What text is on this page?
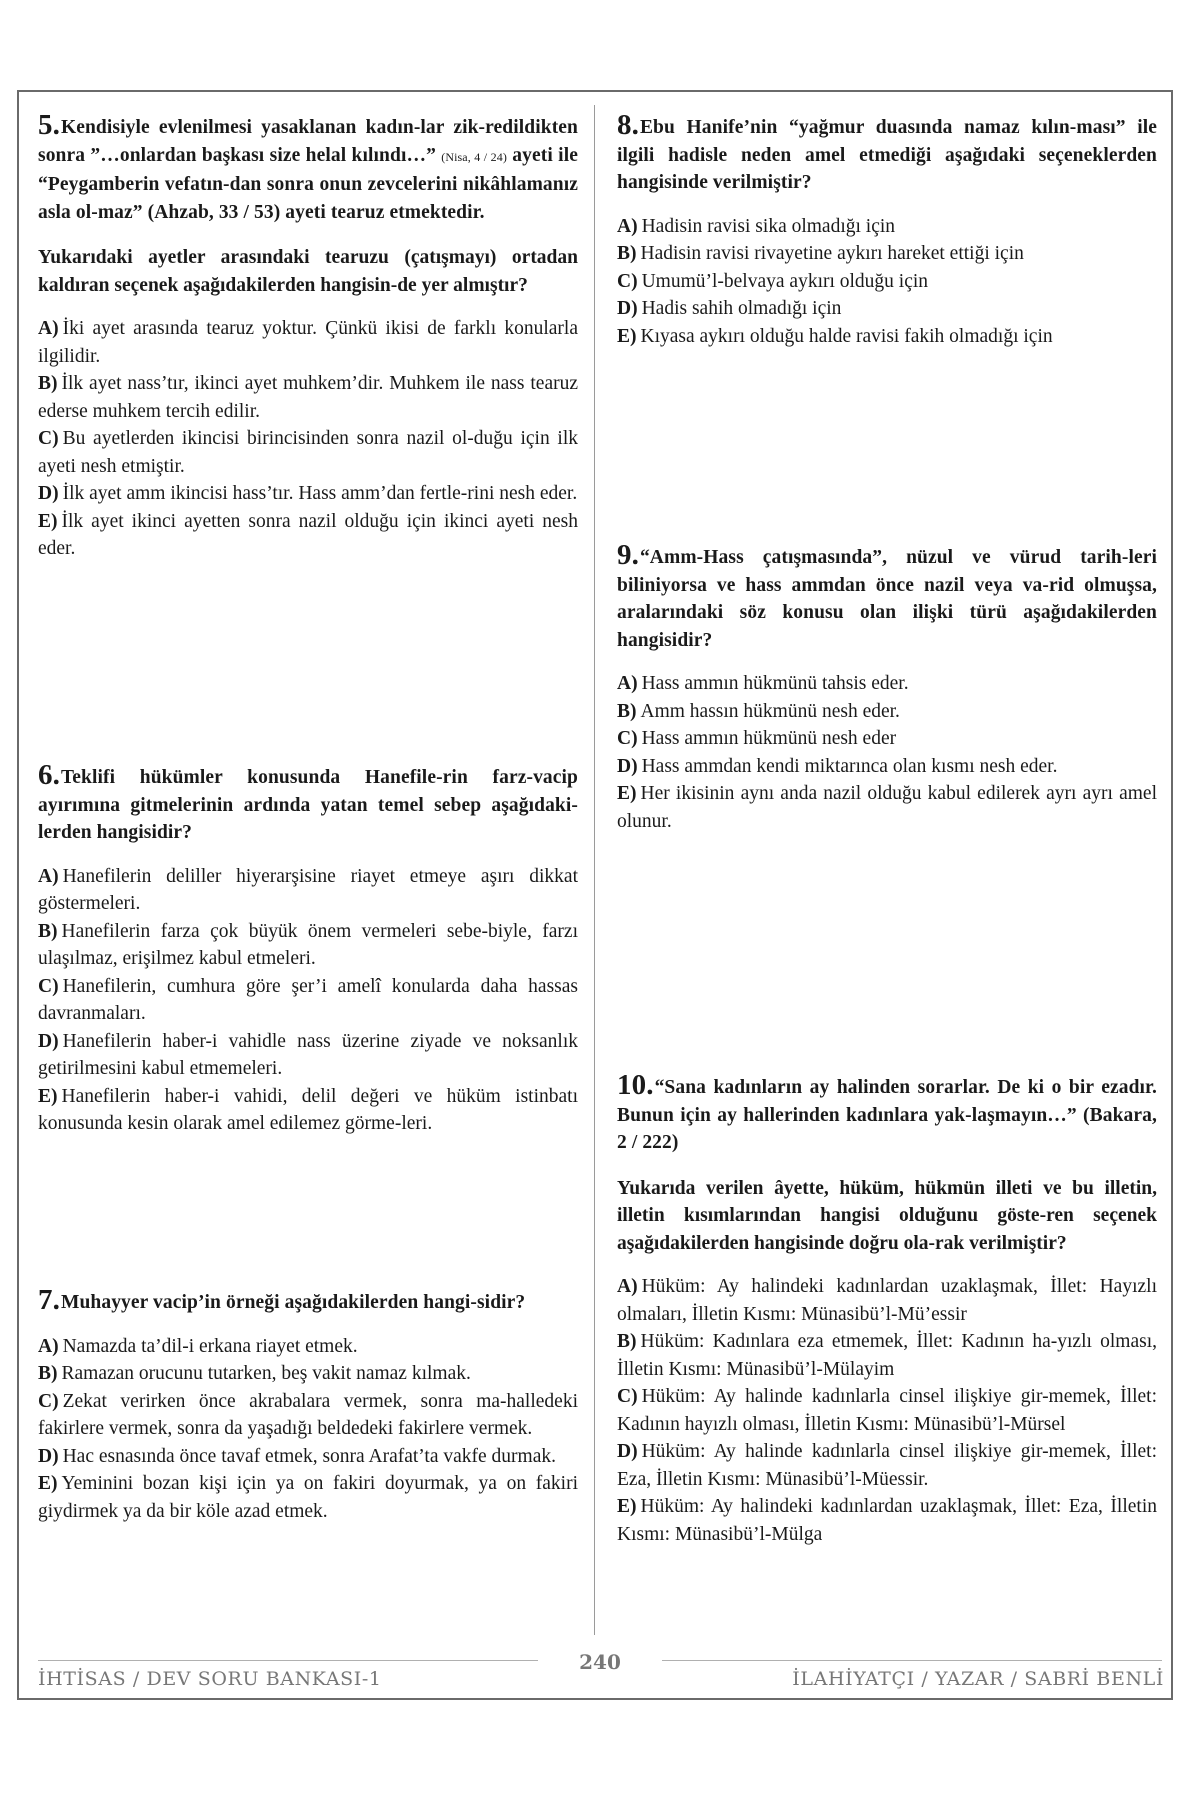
5.Kendisiyle evlenilmesi yasaklanan kadın-lar zik-redildikten sonra ”…onlardan başkası size helal kılındı…” (Nisa, 4 / 24) ayeti ile “Peygamberin vefatın-dan sonra onun zevcelerini nikâhlamanız asla ol-maz” (Ahzab, 33 / 53) ayeti tearuz etmektedir.
Yukarıdaki ayetler arasındaki tearuzu (çatışmayı) ortadan kaldıran seçenek aşağıdakilerden hangisin-de yer almıştır?
A) İki ayet arasında tearuz yoktur. Çünkü ikisi de farklı konularla ilgilidir.
B) İlk ayet nass’tır, ikinci ayet muhkem’dir. Muhkem ile nass tearuz ederse muhkem tercih edilir.
C) Bu ayetlerden ikincisi birincisinden sonra nazil ol-duğu için ilk ayeti nesh etmiştir.
D) İlk ayet amm ikincisi hass’tır. Hass amm’dan fertle-rini nesh eder.
E) İlk ayet ikinci ayetten sonra nazil olduğu için ikinci ayeti nesh eder.
6.Teklifi hükümler konusunda Hanefile-rin farz-vacip ayırımına gitmelerinin ardında yatan temel sebep aşağıdaki-lerden hangisidir?
A) Hanefilerin deliller hiyerarşisine riayet etmeye aşırı dikkat göstermeleri.
B) Hanefilerin farza çok büyük önem vermeleri sebe-biyle, farzı ulaşılmaz, erişilmez kabul etmeleri.
C) Hanefilerin, cumhura göre şer’i amelî konularda daha hassas davranmaları.
D) Hanefilerin haber-i vahidle nass üzerine ziyade ve noksanlık getirilmesini kabul etmemeleri.
E) Hanefilerin haber-i vahidi, delil değeri ve hüküm istinbatı konusunda kesin olarak amel edilemez görme-leri.
7.Muhayyer vacip’in örneği aşağıdakilerden hangi-sidir?
A) Namazda ta’dil-i erkana riayet etmek.
B) Ramazan orucunu tutarken, beş vakit namaz kılmak.
C) Zekat verirken önce akrabalara vermek, sonra ma-halledeki fakirlere vermek, sonra da yaşadığı beldedeki fakirlere vermek.
D) Hac esnasında önce tavaf etmek, sonra Arafat’ta vakfe durmak.
E) Yeminini bozan kişi için ya on fakiri doyurmak, ya on fakiri giydirmek ya da bir köle azad etmek.
8.Ebu Hanife’nin “yağmur duasında namaz kılın-ması” ile ilgili hadisle neden amel etmediği aşağıdaki seçeneklerden hangisinde verilmiştir?
A) Hadisin ravisi sika olmadığı için
B) Hadisin ravisi rivayetine aykırı hareket ettiği için
C) Umumü’l-belvaya aykırı olduğu için
D) Hadis sahih olmadığı için
E) Kıyasa aykırı olduğu halde ravisi fakih olmadığı için
9.“Amm-Hass çatışmasında”, nüzul ve vürud tarih-leri biliniyorsa ve hass ammdan önce nazil veya va-rid olmuşsa, aralarındaki söz konusu olan ilişki türü aşağıdakilerden hangisidir?
A) Hass ammın hükmünü tahsis eder.
B) Amm hassın hükmünü nesh eder.
C) Hass ammın hükmünü nesh eder
D) Hass ammdan kendi miktarınca olan kısmı nesh eder.
E) Her ikisinin aynı anda nazil olduğu kabul edilerek ayrı ayrı amel olunur.
10.“Sana kadınların ay halinden sorarlar. De ki o bir ezadır. Bunun için ay hallerinden kadınlara yak-laşmayın…” (Bakara, 2 / 222)
Yukarıda verilen âyette, hüküm, hükmün illeti ve bu illetin, illetin kısımlarından hangisi olduğunu göste-ren seçenek aşağıdakilerden hangisinde doğru ola-rak verilmiştir?
A) Hüküm: Ay halindeki kadınlardan uzaklaşmak, İllet: Hayızlı olmaları, İlletin Kısmı: Münasibü’l-Mü’essir
B) Hüküm: Kadınlara eza etmemek, İllet: Kadının ha-yızlı olması, İlletin Kısmı: Münasibü’l-Mülayim
C) Hüküm: Ay halinde kadınlarla cinsel ilişkiye gir-memek, İllet: Kadının hayızlı olması, İlletin Kısmı: Münasibü’l-Mürsel
D) Hüküm: Ay halinde kadınlarla cinsel ilişkiye gir-memek, İllet: Eza, İlletin Kısmı: Münasibü’l-Müessir.
E) Hüküm: Ay halindeki kadınlardan uzaklaşmak, İllet: Eza, İlletin Kısmı: Münasibü’l-Mülga
240
İHTİSAS / DEV SORU BANKASI-1	İLAHİYATÇI / YAZAR / SABRİ BENLİ
